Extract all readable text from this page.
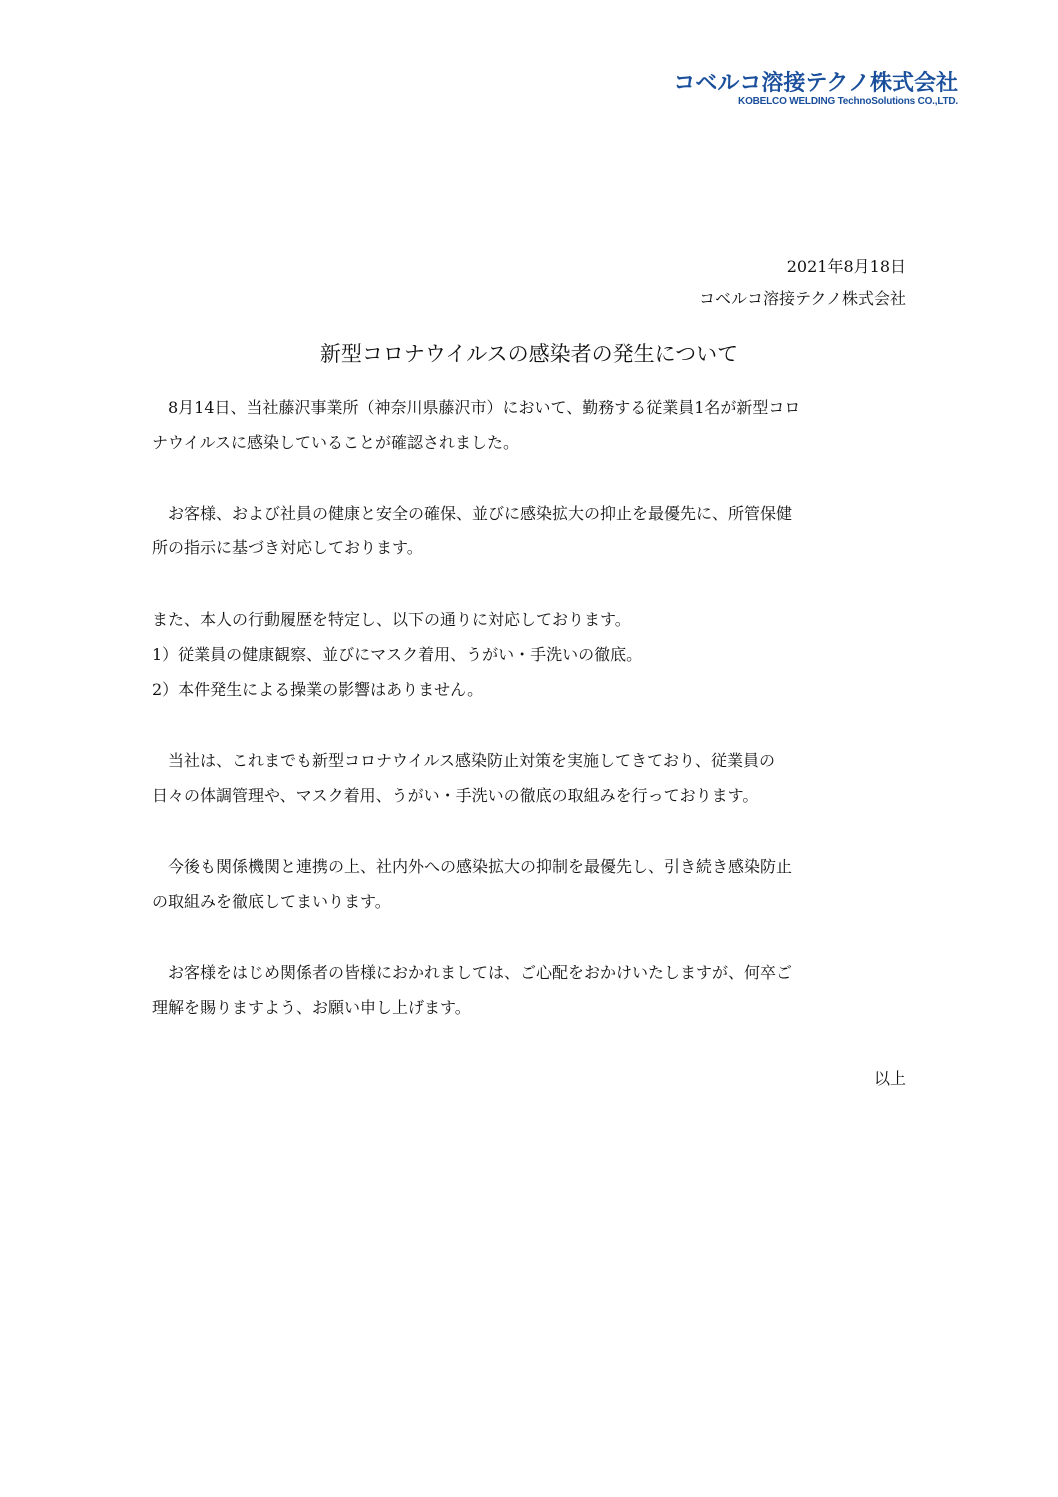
コベルコ溶接テクノ株式会社
KOBELCO WELDING TechnoSolutions CO.,LTD.
2021年8月18日
コベルコ溶接テクノ株式会社
新型コロナウイルスの感染者の発生について
　8月14日、当社藤沢事業所（神奈川県藤沢市）において、勤務する従業員1名が新型コロ
ナウイルスに感染していることが確認されました。
　お客様、および社員の健康と安全の確保、並びに感染拡大の抑止を最優先に、所管保健
所の指示に基づき対応しております。
また、本人の行動履歴を特定し、以下の通りに対応しております。
1）従業員の健康観察、並びにマスク着用、うがい・手洗いの徹底。
2）本件発生による操業の影響はありません。
　当社は、これまでも新型コロナウイルス感染防止対策を実施してきており、従業員の
日々の体調管理や、マスク着用、うがい・手洗いの徹底の取組みを行っております。
　今後も関係機関と連携の上、社内外への感染拡大の抑制を最優先し、引き続き感染防止
の取組みを徹底してまいります。
　お客様をはじめ関係者の皆様におかれましては、ご心配をおかけいたしますが、何卒ご
理解を賜りますよう、お願い申し上げます。
以上
